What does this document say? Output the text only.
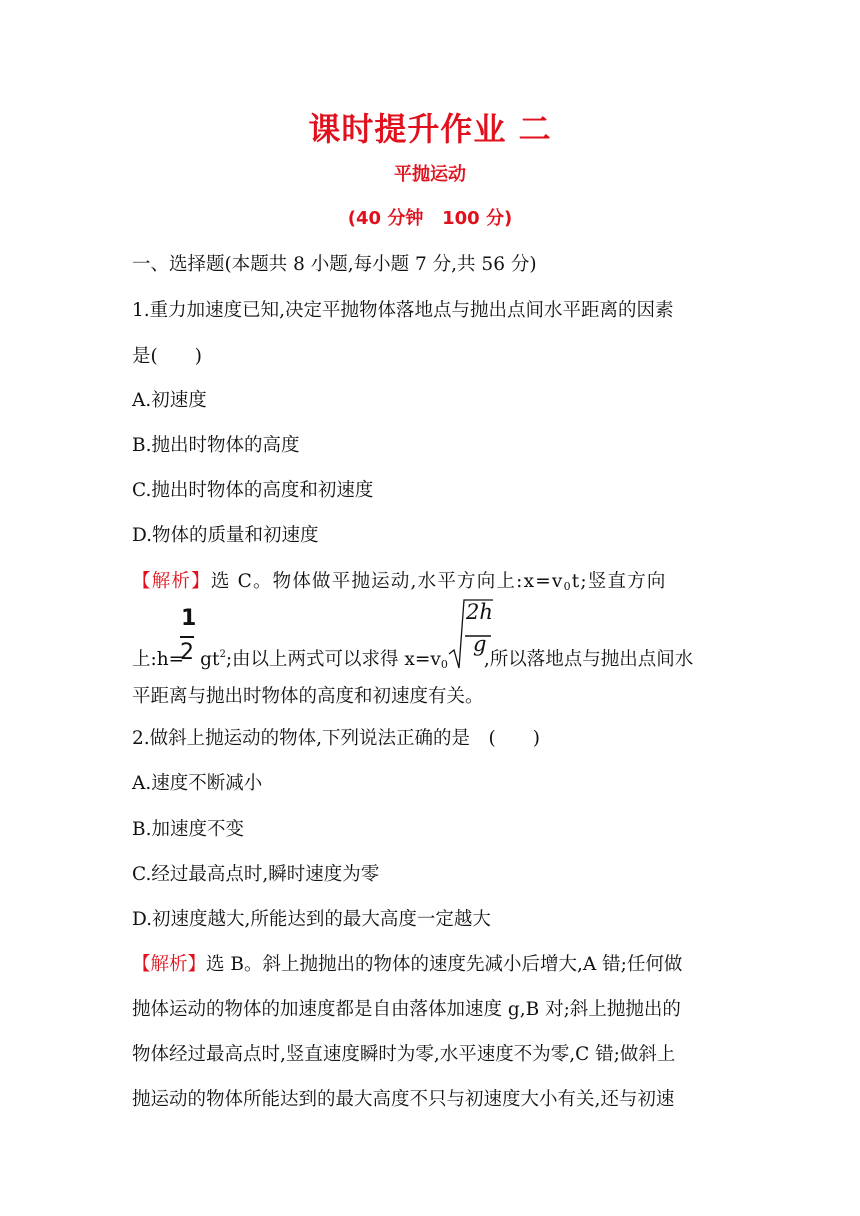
课时提升作业 二
平抛运动
(40 分钟   100 分)
一、选择题(本题共 8 小题,每小题 7 分,共 56 分)
1.重力加速度已知,决定平抛物体落地点与抛出点间水平距离的因素
是(　　)
A.初速度
B.抛出时物体的高度
C.抛出时物体的高度和初速度
D.物体的质量和初速度
【解析】选 C。物体做平抛运动,水平方向上$:x=v_0t$;竖直方向
1
2
上:h= $gt^2$;由以上两式可以求得 $x=v_0$ ,所以落地点与抛出点间水
2h
g
平距离与抛出时物体的高度和初速度有关。
2.做斜上抛运动的物体,下列说法正确的是　(　　)
A.速度不断减小
B.加速度不变
C.经过最高点时,瞬时速度为零
D.初速度越大,所能达到的最大高度一定越大
【解析】选 B。斜上抛抛出的物体的速度先减小后增大,A 错;任何做
抛体运动的物体的加速度都是自由落体加速度 g,B 对;斜上抛抛出的
物体经过最高点时,竖直速度瞬时为零,水平速度不为零,C 错;做斜上
抛运动的物体所能达到的最大高度不只与初速度大小有关,还与初速
